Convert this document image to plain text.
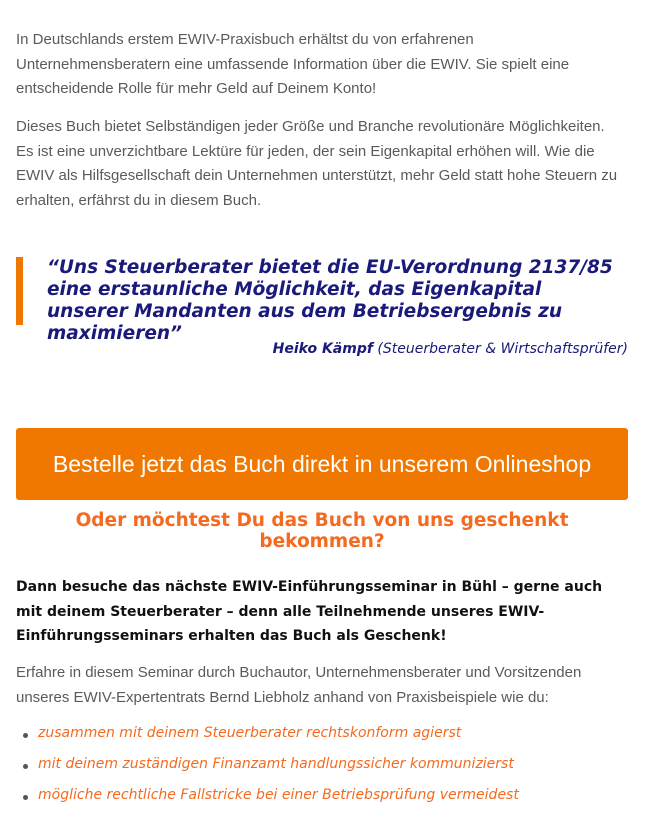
In Deutschlands erstem EWIV-Praxisbuch erhältst du von erfahrenen Unternehmensberatern eine umfassende Information über die EWIV. Sie spielt eine entscheidende Rolle für mehr Geld auf Deinem Konto!

Dieses Buch bietet Selbständigen jeder Größe und Branche revolutionäre Möglichkeiten. Es ist eine unverzichtbare Lektüre für jeden, der sein Eigenkapital erhöhen will. Wie die EWIV als Hilfsgesellschaft dein Unternehmen unterstützt, mehr Geld statt hohe Steuern zu erhalten, erfährst du in diesem Buch.

“Uns Steuerberater bietet die EU-Verordnung 2137/85 eine erstaunliche Möglichkeit, das Eigenkapital unserer Mandanten aus dem Betriebsergebnis zu maximieren”
Heiko Kämpf (Steuerberater & Wirtschaftsprüfer)
Bestelle jetzt das Buch direkt in unserem Onlineshop
Oder möchtest Du das Buch von uns geschenkt bekommen?

Dann besuche das nächste EWIV-Einführungsseminar in Bühl – gerne auch mit deinem Steuerberater – denn alle Teilnehmende unseres EWIV-Einführungsseminars erhalten das Buch als Geschenk!

Erfahre in diesem Seminar durch Buchautor, Unternehmensberater und Vorsitzenden unseres EWIV-Expertentrats Bernd Liebholz anhand von Praxisbeispiele wie du:

zusammen mit deinem Steuerberater rechtskonform agierst
mit deinem zuständigen Finanzamt handlungssicher kommunizierst
mögliche rechtliche Fallstricke bei einer Betriebsprüfung vermeidest
